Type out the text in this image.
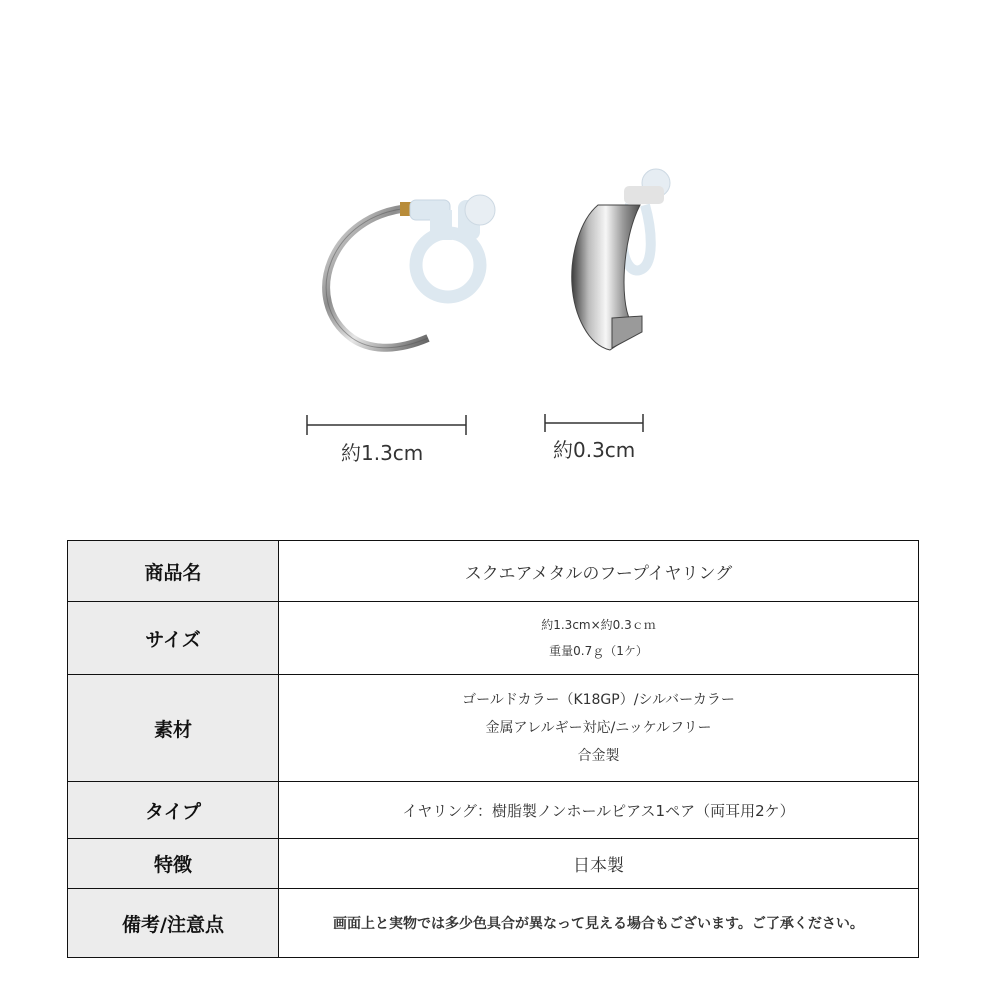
約1.3cm	約0.3cm
商品名	スクエアメタルのフープイヤリング

サイズ	約1.3cm×約0.3ｃｍ
重量0.7ｇ（1ケ）

素材	ゴールドカラー（K18GP）/シルバーカラー
金属アレルギー対応/ニッケルフリー
合金製

タイプ	イヤリング：樹脂製ノンホールピアス1ペア（両耳用2ケ）

特徴	日本製

備考/注意点	画面上と実物では多少色具合が異なって見える場合もございます。ご了承ください。
